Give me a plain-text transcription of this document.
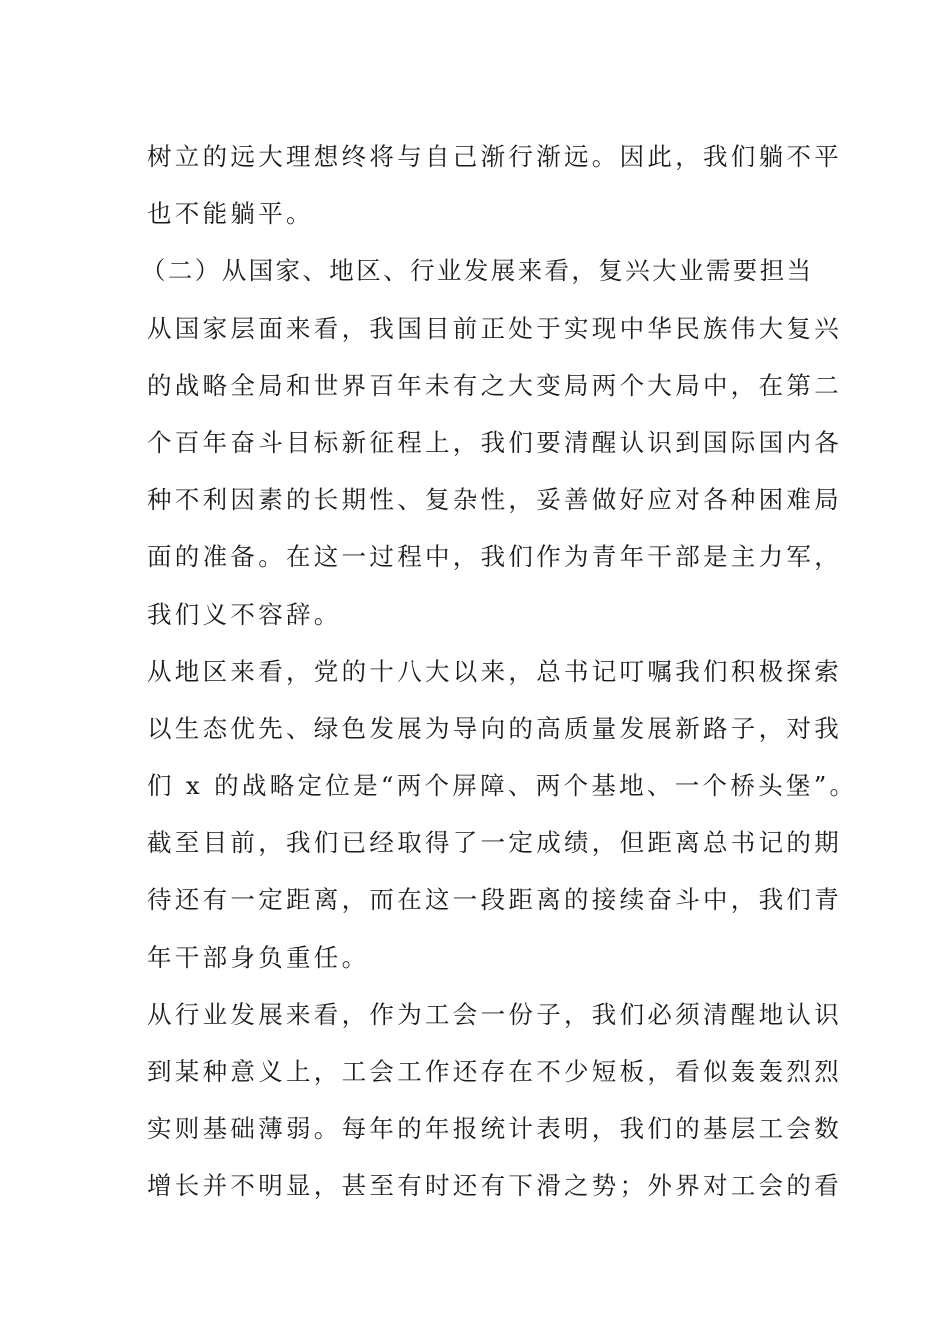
树立的远大理想终将与自己渐行渐远。因此，我们躺不平
也不能躺平。
（二）从国家、地区、行业发展来看，复兴大业需要担当
从国家层面来看，我国目前正处于实现中华民族伟大复兴
的战略全局和世界百年未有之大变局两个大局中，在第二
个百年奋斗目标新征程上，我们要清醒认识到国际国内各
种不利因素的长期性、复杂性，妥善做好应对各种困难局
面的准备。在这一过程中，我们作为青年干部是主力军，
我们义不容辞。
从地区来看，党的十八大以来，总书记叮嘱我们积极探索
以生态优先、绿色发展为导向的高质量发展新路子，对我
们 x 的战略定位是“两个屏障、两个基地、一个桥头堡”。
截至目前，我们已经取得了一定成绩，但距离总书记的期
待还有一定距离，而在这一段距离的接续奋斗中，我们青
年干部身负重任。
从行业发展来看，作为工会一份子，我们必须清醒地认识
到某种意义上，工会工作还存在不少短板，看似轰轰烈烈
实则基础薄弱。每年的年报统计表明，我们的基层工会数
增长并不明显，甚至有时还有下滑之势；外界对工会的看
